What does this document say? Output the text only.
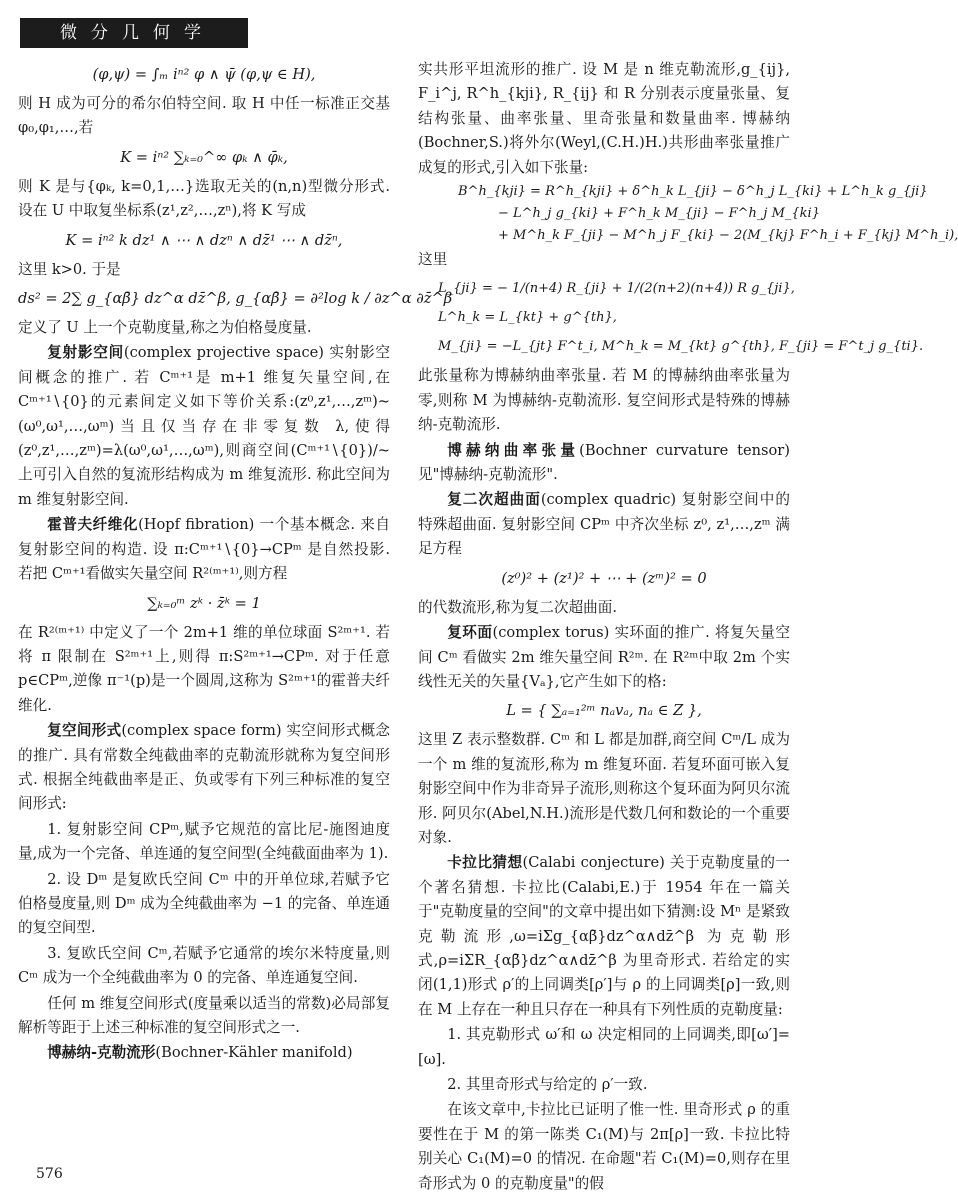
微分几何学
(φ,ψ) = ∫ₘ iⁿ² φ ∧ ψ̄ (φ,ψ ∈ H),

则 H 成为可分的希尔伯特空间. 取 H 中任一标准正交基 φ₀,φ₁,…,若

K = iⁿ² ∑ₖ₌₀^∞ φₖ ∧ φ̄ₖ,

则 K 是与{φₖ, k=0,1,…}选取无关的(n,n)型微分形式. 设在 U 中取复坐标系(z¹,z²,…,zⁿ),将 K 写成

K = iⁿ² k dz¹ ∧ ⋯ ∧ dzⁿ ∧ dz̄¹ ⋯ ∧ dz̄ⁿ,

这里 k>0. 于是

ds² = 2∑ g_{αβ̄} dz^α dz̄^β, g_{αβ̄} = ∂²log k / ∂z^α ∂z̄^β

定义了 U 上一个克勒度量,称之为伯格曼度量.

复射影空间(complex projective space) 实射影空间概念的推广. 若 Cᵐ⁺¹是 m+1 维复矢量空间,在 Cᵐ⁺¹∖{0}的元素间定义如下等价关系:(z⁰,z¹,…,zᵐ)~(ω⁰,ω¹,…,ωᵐ)当且仅当存在非零复数 λ,使得(z⁰,z¹,…,zᵐ)=λ(ω⁰,ω¹,…,ωᵐ),则商空间(Cᵐ⁺¹∖{0})/~上可引入自然的复流形结构成为 m 维复流形. 称此空间为 m 维复射影空间.

霍普夫纤维化(Hopf fibration) 一个基本概念. 来自复射影空间的构造. 设 π:Cᵐ⁺¹∖{0}→CPᵐ 是自然投影. 若把 Cᵐ⁺¹看做实矢量空间 R²⁽ᵐ⁺¹⁾,则方程

∑ₖ₌₀ᵐ zᵏ · z̄ᵏ = 1

在 R²⁽ᵐ⁺¹⁾ 中定义了一个 2m+1 维的单位球面 S²ᵐ⁺¹. 若将 π 限制在 S²ᵐ⁺¹上,则得 π:S²ᵐ⁺¹→CPᵐ. 对于任意 p∈CPᵐ,逆像 π⁻¹(p)是一个圆周,这称为 S²ᵐ⁺¹的霍普夫纤维化.

复空间形式(complex space form) 实空间形式概念的推广. 具有常数全纯截曲率的克勒流形就称为复空间形式. 根据全纯截曲率是正、负或零有下列三种标准的复空间形式:

1. 复射影空间 CPᵐ,赋予它规范的富比尼-施图迪度量,成为一个完备、单连通的复空间型(全纯截面曲率为 1).

2. 设 Dᵐ 是复欧氏空间 Cᵐ 中的开单位球,若赋予它伯格曼度量,则 Dᵐ 成为全纯截曲率为 −1 的完备、单连通的复空间型.

3. 复欧氏空间 Cᵐ,若赋予它通常的埃尔米特度量,则 Cᵐ 成为一个全纯截曲率为 0 的完备、单连通复空间.

任何 m 维复空间形式(度量乘以适当的常数)必局部复解析等距于上述三种标准的复空间形式之一.

博赫纳-克勒流形(Bochner-Kähler manifold)

实共形平坦流形的推广. 设 M 是 n 维克勒流形,g_{ij}, F_i^j, R^h_{kji}, R_{ij} 和 R 分别表示度量张量、复结构张量、曲率张量、里奇张量和数量曲率. 博赫纳(Bochner,S.)将外尔(Weyl,(C.H.)H.)共形曲率张量推广成复的形式,引入如下张量:

B^h_{kji} = R^h_{kji} + δ^h_k L_{ji} − δ^h_j L_{ki} + L^h_k g_{ji}
− L^h_j g_{ki} + F^h_k M_{ji} − F^h_j M_{ki}
+ M^h_k F_{ji} − M^h_j F_{ki} − 2(M_{kj} F^h_i + F_{kj} M^h_i),

这里

L_{ji} = − 1/(n+4) R_{ji} + 1/(2(n+2)(n+4)) R g_{ji},
L^h_k = L_{kt} + g^{th},
M_{ji} = −L_{jt} F^t_i, M^h_k = M_{kt} g^{th}, F_{ji} = F^t_j g_{ti}.

此张量称为博赫纳曲率张量. 若 M 的博赫纳曲率张量为零,则称 M 为博赫纳-克勒流形. 复空间形式是特殊的博赫纳-克勒流形.

博赫纳曲率张量(Bochner curvature tensor) 见"博赫纳-克勒流形".

复二次超曲面(complex quadric) 复射影空间中的特殊超曲面. 复射影空间 CPᵐ 中齐次坐标 z⁰, z¹,…,zᵐ 满足方程

(z⁰)² + (z¹)² + ⋯ + (zᵐ)² = 0

的代数流形,称为复二次超曲面.

复环面(complex torus) 实环面的推广. 将复矢量空间 Cᵐ 看做实 2m 维矢量空间 R²ᵐ. 在 R²ᵐ中取 2m 个实线性无关的矢量{Vₐ},它产生如下的格:

L = { ∑ₐ₌₁²ᵐ nₐvₐ, nₐ ∈ Z },

这里 Z 表示整数群. Cᵐ 和 L 都是加群,商空间 Cᵐ/L 成为一个 m 维的复流形,称为 m 维复环面. 若复环面可嵌入复射影空间中作为非奇异子流形,则称这个复环面为阿贝尔流形. 阿贝尔(Abel,N.H.)流形是代数几何和数论的一个重要对象.

卡拉比猜想(Calabi conjecture) 关于克勒度量的一个著名猜想. 卡拉比(Calabi,E.)于 1954 年在一篇关于"克勒度量的空间"的文章中提出如下猜测:设 Mⁿ 是紧致克勒流形,ω=iΣg_{αβ̄}dz^α∧dz̄^β 为克勒形式,ρ=iΣR_{αβ̄}dz^α∧dz̄^β 为里奇形式. 若给定的实闭(1,1)形式 ρ′的上同调类[ρ′]与 ρ 的上同调类[ρ]一致,则在 M 上存在一种且只存在一种具有下列性质的克勒度量:

1. 其克勒形式 ω′和 ω 决定相同的上同调类,即[ω′]=[ω].

2. 其里奇形式与给定的 ρ′一致.

在该文章中,卡拉比已证明了惟一性. 里奇形式 ρ 的重要性在于 M 的第一陈类 C₁(M)与 2π[ρ]一致. 卡拉比特别关心 C₁(M)=0 的情况. 在命题"若 C₁(M)=0,则存在里奇形式为 0 的克勒度量"的假

576
